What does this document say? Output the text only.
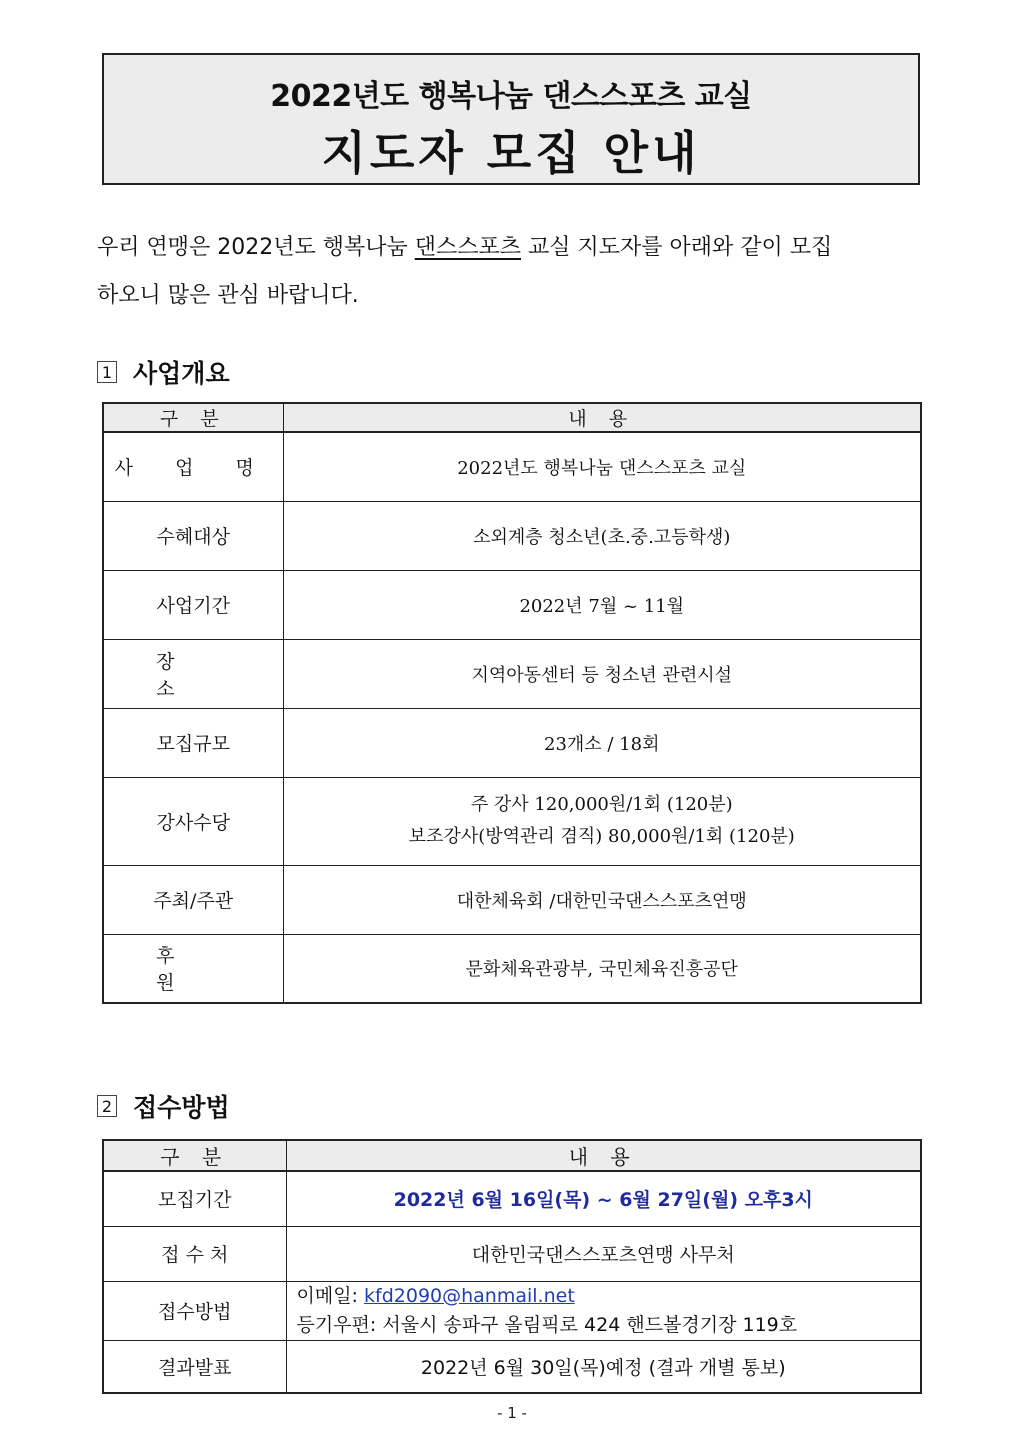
2022년도 행복나눔 댄스스포츠 교실
지도자 모집 안내
우리 연맹은 2022년도 행복나눔 댄스스포츠 교실 지도자를 아래와 같이 모집
하오니 많은 관심 바랍니다.
1 사업개요
구 분	내 용
사 업 명	2022년도 행복나눔 댄스스포츠 교실
수혜대상	소외계층 청소년(초.중.고등학생)
사업기간	2022년 7월 ~ 11월
장 소	지역아동센터 등 청소년 관련시설
모집규모	23개소 / 18회
강사수당	주 강사 120,000원/1회 (120분)
보조강사(방역관리 겸직) 80,000원/1회 (120분)

주최/주관	대한체육회 /대한민국댄스스포츠연맹
후 원	문화체육관광부, 국민체육진흥공단
2 접수방법
구 분	내 용
모집기간	2022년 6월 16일(목) ~ 6월 27일(월) 오후3시
접 수 처	대한민국댄스스포츠연맹 사무처
접수방법	이메일: kfd2090@hanmail.net
등기우편: 서울시 송파구 올림픽로 424 핸드볼경기장 119호

결과발표	2022년 6월 30일(목)예정 (결과 개별 통보)
- 1 -
